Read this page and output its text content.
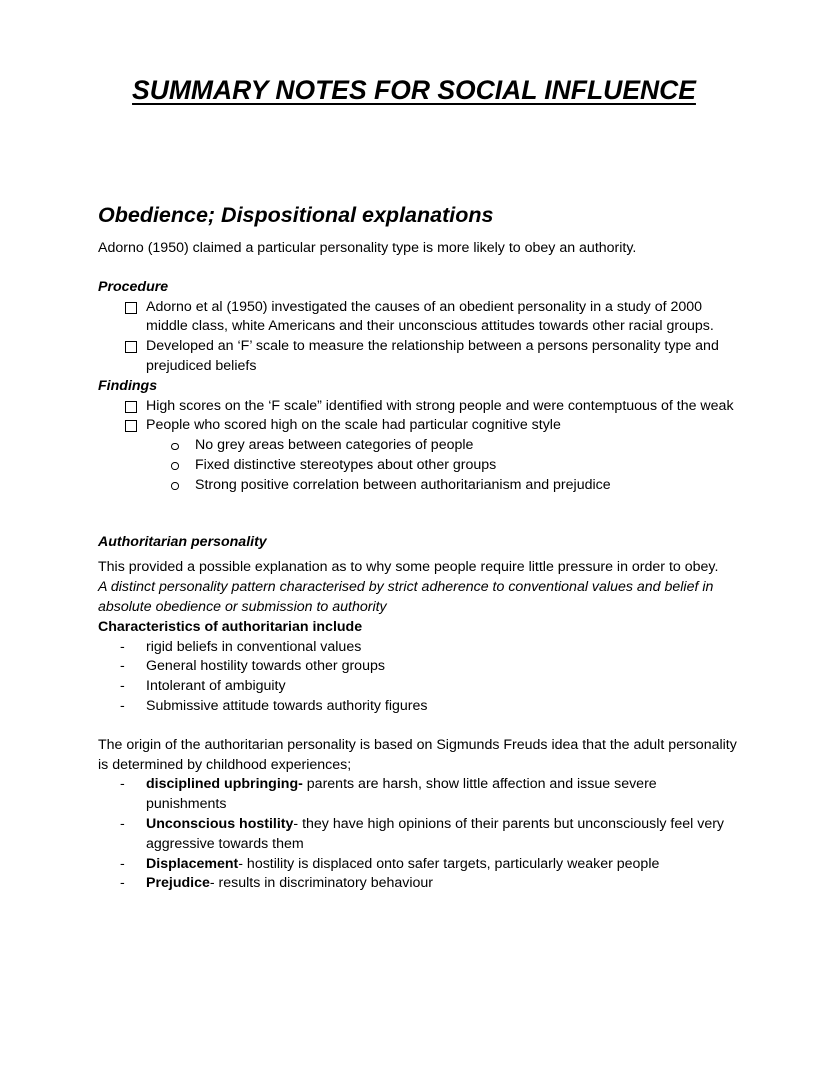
SUMMARY NOTES FOR SOCIAL INFLUENCE
Obedience; Dispositional explanations

Adorno (1950) claimed a particular personality type is more likely to obey an authority.

Procedure

Adorno et al (1950) investigated the causes of an obedient personality in a study of 2000 middle class, white Americans and their unconscious attitudes towards other racial groups.
Developed an ‘F’ scale to measure the relationship between a persons personality type and prejudiced beliefs

Findings

High scores on the ‘F scale” identified with strong people and were contemptuous of the weak
People who scored high on the scale had particular cognitive style
No grey areas between categories of people
Fixed distinctive stereotypes about other groups
Strong positive correlation between authoritarianism and prejudice

Authoritarian personality

This provided a possible explanation as to why some people require little pressure in order to obey.

A distinct personality pattern characterised by strict adherence to conventional values and belief in absolute obedience or submission to authority

Characteristics of authoritarian include

- rigid beliefs in conventional values
- General hostility towards other groups
- Intolerant of ambiguity
- Submissive attitude towards authority figures

The origin of the authoritarian personality is based on Sigmunds Freuds idea that the adult personality is determined by childhood experiences;

- disciplined upbringing- parents are harsh, show little affection and issue severe punishments
- Unconscious hostility- they have high opinions of their parents but unconsciously feel very aggressive towards them
- Displacement- hostility is displaced onto safer targets, particularly weaker people
- Prejudice- results in discriminatory behaviour
